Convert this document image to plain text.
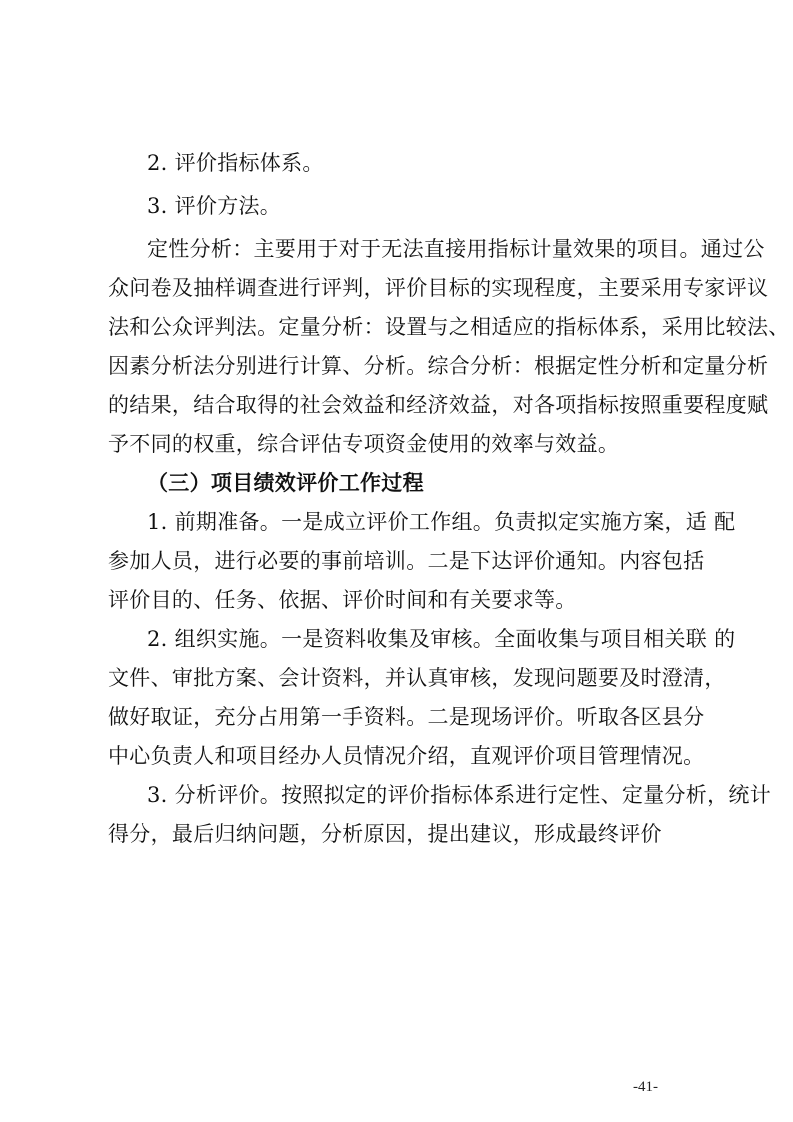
2. 评价指标体系。
3. 评价方法。
定性分析：主要用于对于无法直接用指标计量效果的项目。通过公
众问卷及抽样调查进行评判，评价目标的实现程度，主要采用专家评议
法和公众评判法。定量分析：设置与之相适应的指标体系，采用比较法、
因素分析法分别进行计算、分析。综合分析：根据定性分析和定量分析
的结果，结合取得的社会效益和经济效益，对各项指标按照重要程度赋
予不同的权重，综合评估专项资金使用的效率与效益。
（三）项目绩效评价工作过程
1. 前期准备。一是成立评价工作组。负责拟定实施方案，适 配
参加人员，进行必要的事前培训。二是下达评价通知。内容包括
评价目的、任务、依据、评价时间和有关要求等。
2. 组织实施。一是资料收集及审核。全面收集与项目相关联 的
文件、审批方案、会计资料，并认真审核，发现问题要及时澄清，
做好取证，充分占用第一手资料。二是现场评价。听取各区县分
中心负责人和项目经办人员情况介绍，直观评价项目管理情况。
3. 分析评价。按照拟定的评价指标体系进行定性、定量分析，统计
得分，最后归纳问题，分析原因，提出建议，形成最终评价
-41-
